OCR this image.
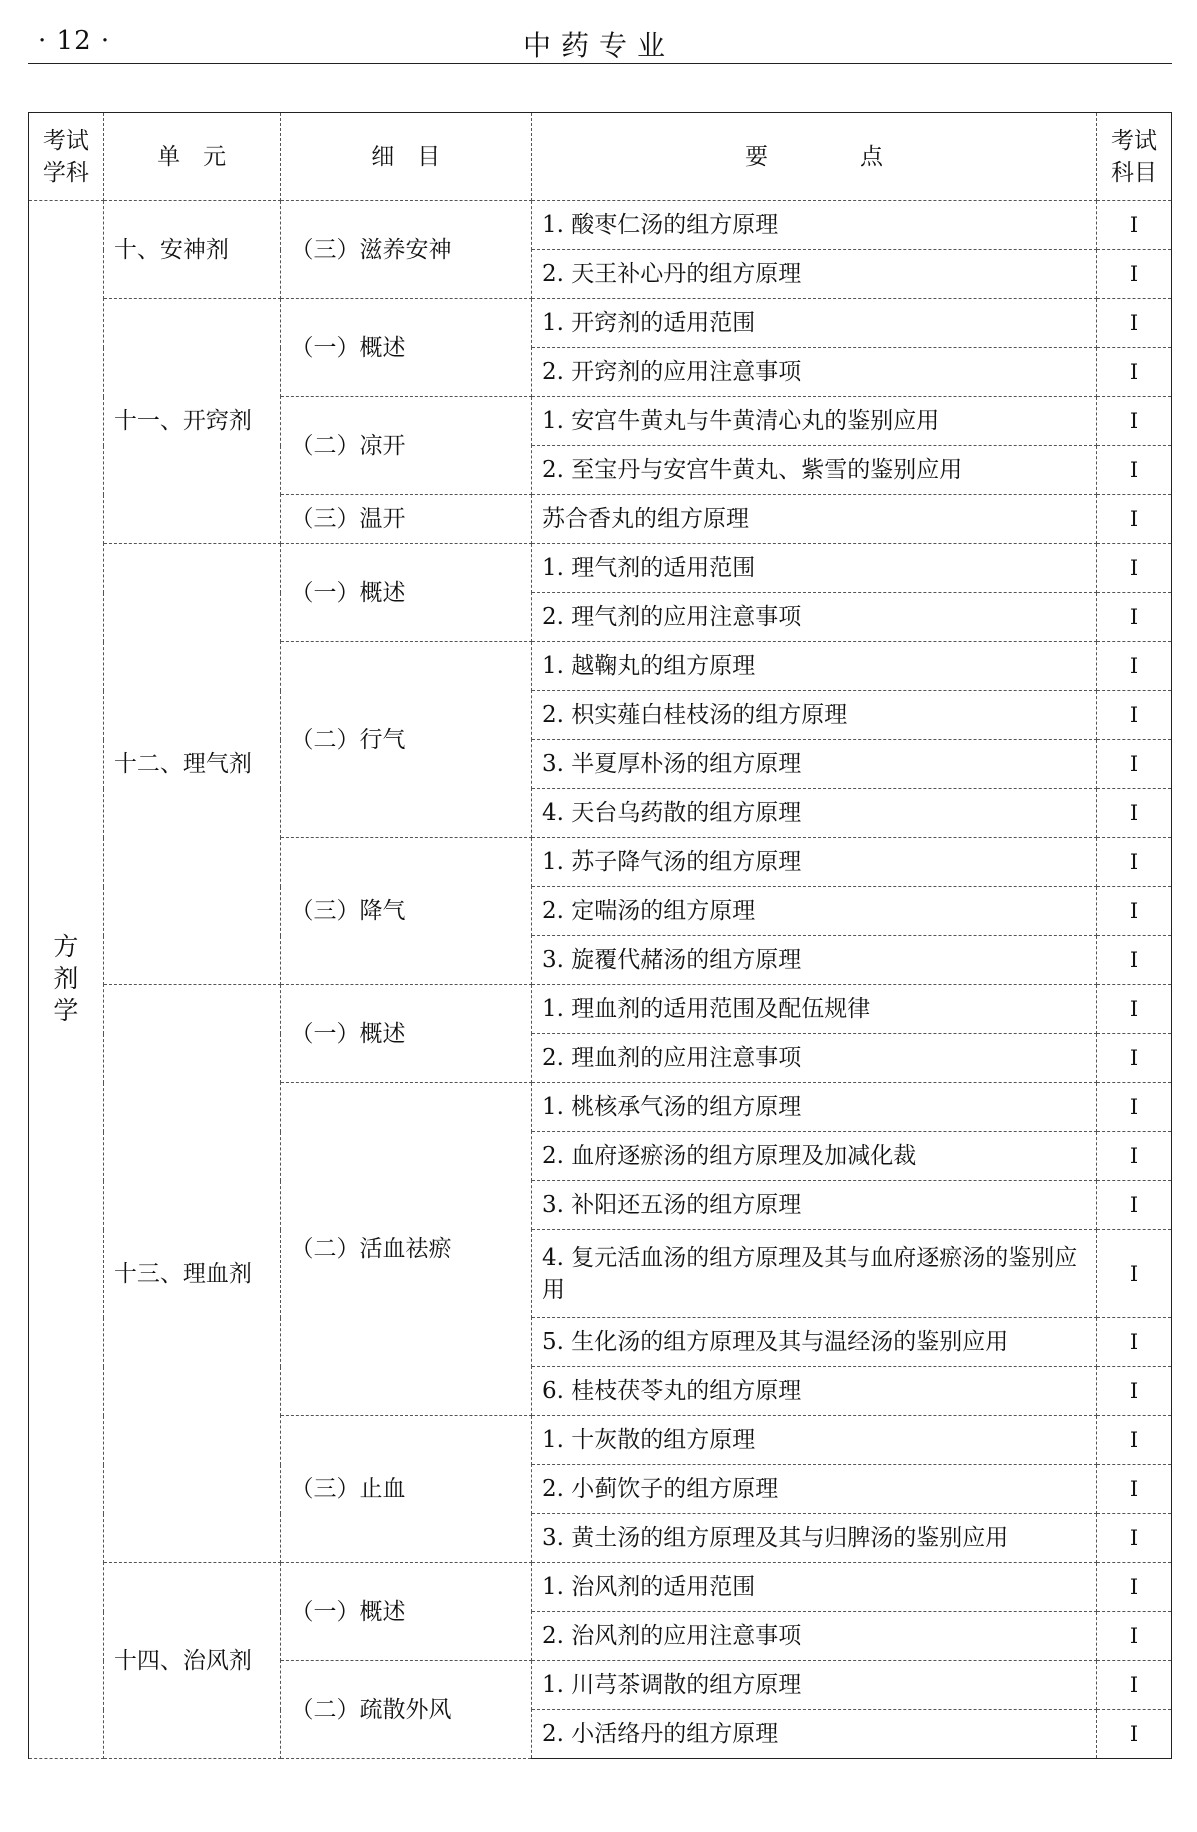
· 12 ·	中药专业
考试学科	单　元	细　目	要　　　　点	考试科目
方剂学	十、安神剂	（三）滋养安神	1. 酸枣仁汤的组方原理	Ⅰ
			2. 天王补心丹的组方原理	Ⅰ
	十一、开窍剂	（一）概述	1. 开窍剂的适用范围	Ⅰ
			2. 开窍剂的应用注意事项	Ⅰ
		（二）凉开	1. 安宫牛黄丸与牛黄清心丸的鉴别应用	Ⅰ
			2. 至宝丹与安宫牛黄丸、紫雪的鉴别应用	Ⅰ
		（三）温开	苏合香丸的组方原理	Ⅰ
	十二、理气剂	（一）概述	1. 理气剂的适用范围	Ⅰ
			2. 理气剂的应用注意事项	Ⅰ
		（二）行气	1. 越鞠丸的组方原理	Ⅰ
			2. 枳实薤白桂枝汤的组方原理	Ⅰ
			3. 半夏厚朴汤的组方原理	Ⅰ
			4. 天台乌药散的组方原理	Ⅰ
		（三）降气	1. 苏子降气汤的组方原理	Ⅰ
			2. 定喘汤的组方原理	Ⅰ
			3. 旋覆代赭汤的组方原理	Ⅰ
	十三、理血剂	（一）概述	1. 理血剂的适用范围及配伍规律	Ⅰ
			2. 理血剂的应用注意事项	Ⅰ
		（二）活血祛瘀	1. 桃核承气汤的组方原理	Ⅰ
			2. 血府逐瘀汤的组方原理及加减化裁	Ⅰ
			3. 补阳还五汤的组方原理	Ⅰ
			4. 复元活血汤的组方原理及其与血府逐瘀汤的鉴别应用	Ⅰ
			5. 生化汤的组方原理及其与温经汤的鉴别应用	Ⅰ
			6. 桂枝茯苓丸的组方原理	Ⅰ
		（三）止血	1. 十灰散的组方原理	Ⅰ
			2. 小蓟饮子的组方原理	Ⅰ
			3. 黄土汤的组方原理及其与归脾汤的鉴别应用	Ⅰ
	十四、治风剂	（一）概述	1. 治风剂的适用范围	Ⅰ
			2. 治风剂的应用注意事项	Ⅰ
		（二）疏散外风	1. 川芎茶调散的组方原理	Ⅰ
			2. 小活络丹的组方原理	Ⅰ
